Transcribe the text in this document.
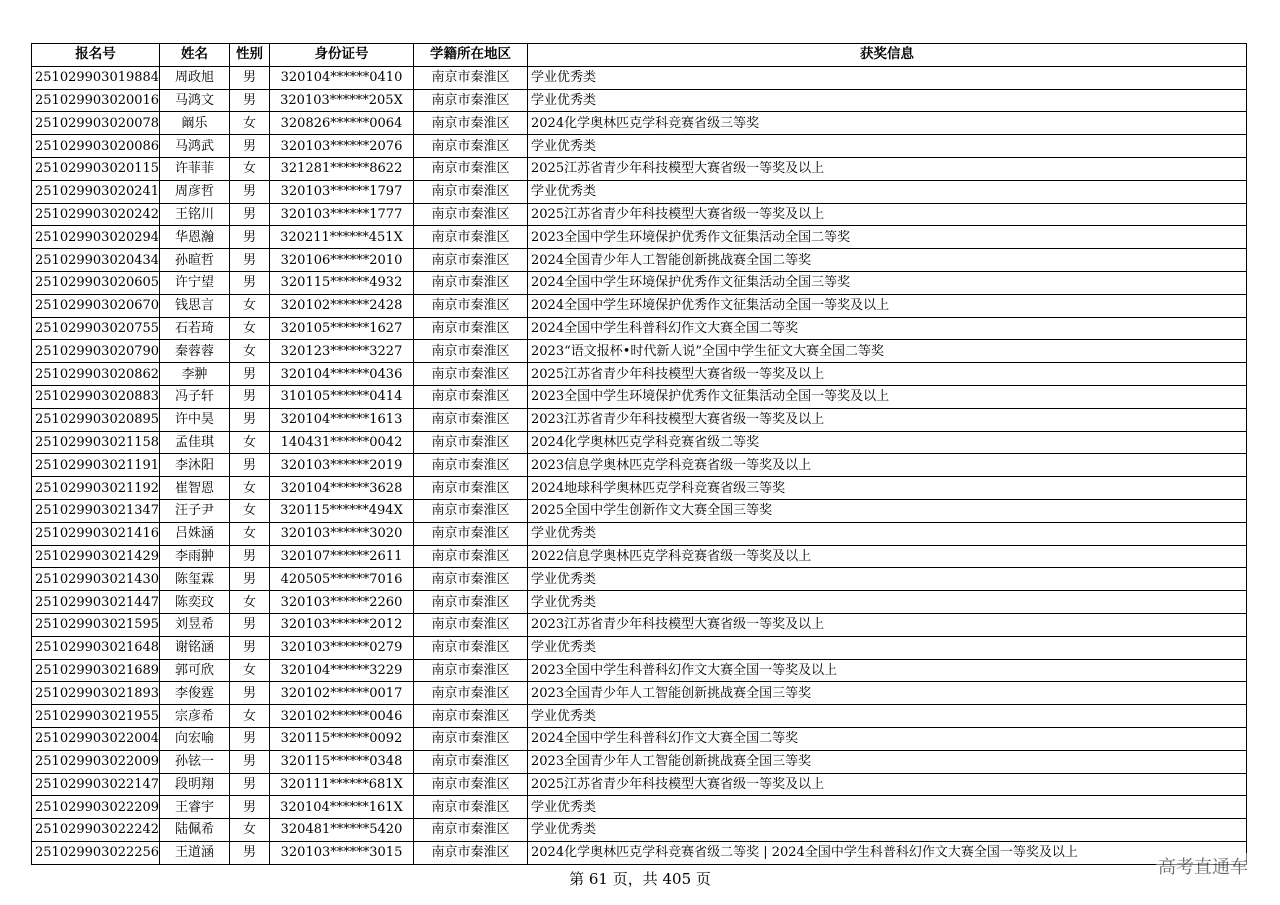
报名号	姓名	性别	身份证号	学籍所在地区	获奖信息
251029903019884	周政旭	男	320104******0410	南京市秦淮区	学业优秀类
251029903020016	马鸿文	男	320103******205X	南京市秦淮区	学业优秀类
251029903020078	阚乐	女	320826******0064	南京市秦淮区	2024化学奥林匹克学科竞赛省级三等奖
251029903020086	马鸿武	男	320103******2076	南京市秦淮区	学业优秀类
251029903020115	许菲菲	女	321281******8622	南京市秦淮区	2025江苏省青少年科技模型大赛省级一等奖及以上
251029903020241	周彦哲	男	320103******1797	南京市秦淮区	学业优秀类
251029903020242	王铭川	男	320103******1777	南京市秦淮区	2025江苏省青少年科技模型大赛省级一等奖及以上
251029903020294	华恩瀚	男	320211******451X	南京市秦淮区	2023全国中学生环境保护优秀作文征集活动全国二等奖
251029903020434	孙暄哲	男	320106******2010	南京市秦淮区	2024全国青少年人工智能创新挑战赛全国二等奖
251029903020605	许宁望	男	320115******4932	南京市秦淮区	2024全国中学生环境保护优秀作文征集活动全国三等奖
251029903020670	钱思言	女	320102******2428	南京市秦淮区	2024全国中学生环境保护优秀作文征集活动全国一等奖及以上
251029903020755	石若琦	女	320105******1627	南京市秦淮区	2024全国中学生科普科幻作文大赛全国二等奖
251029903020790	秦蓉蓉	女	320123******3227	南京市秦淮区	2023“语文报杯•时代新人说”全国中学生征文大赛全国二等奖
251029903020862	李翀	男	320104******0436	南京市秦淮区	2025江苏省青少年科技模型大赛省级一等奖及以上
251029903020883	冯子轩	男	310105******0414	南京市秦淮区	2023全国中学生环境保护优秀作文征集活动全国一等奖及以上
251029903020895	许中昊	男	320104******1613	南京市秦淮区	2023江苏省青少年科技模型大赛省级一等奖及以上
251029903021158	孟佳琪	女	140431******0042	南京市秦淮区	2024化学奥林匹克学科竞赛省级二等奖
251029903021191	李沐阳	男	320103******2019	南京市秦淮区	2023信息学奥林匹克学科竞赛省级一等奖及以上
251029903021192	崔智恩	女	320104******3628	南京市秦淮区	2024地球科学奥林匹克学科竞赛省级三等奖
251029903021347	汪子尹	女	320115******494X	南京市秦淮区	2025全国中学生创新作文大赛全国三等奖
251029903021416	吕姝涵	女	320103******3020	南京市秦淮区	学业优秀类
251029903021429	李雨翀	男	320107******2611	南京市秦淮区	2022信息学奥林匹克学科竞赛省级一等奖及以上
251029903021430	陈玺霖	男	420505******7016	南京市秦淮区	学业优秀类
251029903021447	陈奕玟	女	320103******2260	南京市秦淮区	学业优秀类
251029903021595	刘昱希	男	320103******2012	南京市秦淮区	2023江苏省青少年科技模型大赛省级一等奖及以上
251029903021648	谢铭涵	男	320103******0279	南京市秦淮区	学业优秀类
251029903021689	郭可欣	女	320104******3229	南京市秦淮区	2023全国中学生科普科幻作文大赛全国一等奖及以上
251029903021893	李俊霆	男	320102******0017	南京市秦淮区	2023全国青少年人工智能创新挑战赛全国三等奖
251029903021955	宗彦希	女	320102******0046	南京市秦淮区	学业优秀类
251029903022004	向宏喻	男	320115******0092	南京市秦淮区	2024全国中学生科普科幻作文大赛全国二等奖
251029903022009	孙铉一	男	320115******0348	南京市秦淮区	2023全国青少年人工智能创新挑战赛全国三等奖
251029903022147	段明翔	男	320111******681X	南京市秦淮区	2025江苏省青少年科技模型大赛省级一等奖及以上
251029903022209	王睿宇	男	320104******161X	南京市秦淮区	学业优秀类
251029903022242	陆佩希	女	320481******5420	南京市秦淮区	学业优秀类
251029903022256	王道涵	男	320103******3015	南京市秦淮区	2024化学奥林匹克学科竞赛省级二等奖 | 2024全国中学生科普科幻作文大赛全国一等奖及以上
第 61 页，共 405 页
高考直通车
